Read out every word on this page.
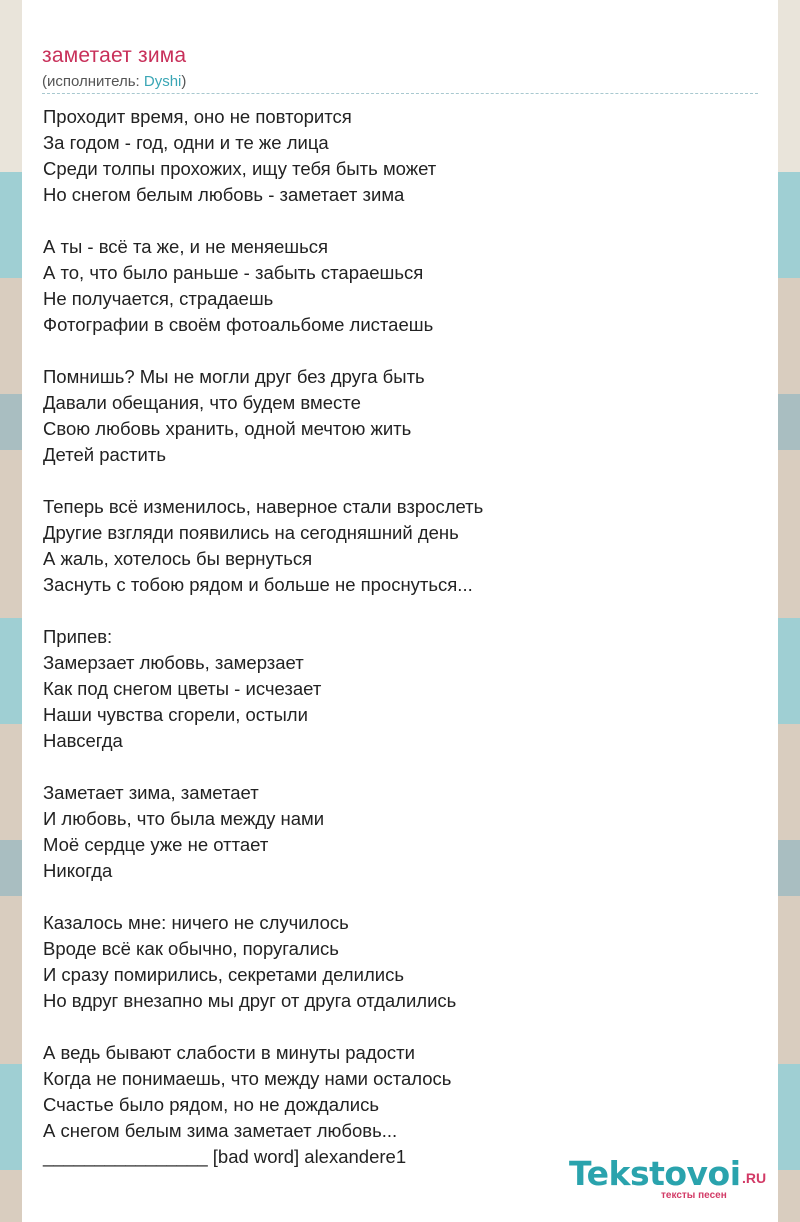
заметает зима
(исполнитель: Dyshi)
Проходит время, оно не повторится
За годом - год, одни и те же лица
Среди толпы прохожих, ищу тебя быть может
Но снегом белым любовь - заметает зима
А ты - всё та же, и не меняешься
А то, что было раньше - забыть стараешься
Не получается, страдаешь
Фотографии в своём фотоальбоме листаешь
Помнишь? Мы не могли друг без друга быть
Давали обещания, что будем вместе
Свою любовь хранить, одной мечтою жить
Детей растить
Теперь всё изменилось, наверное стали взрослеть
Другие взгляди появились на сегодняшний день
А жаль, хотелось бы вернуться
Заснуть с тобою рядом и больше не проснуться...
Припев:
Замерзает любовь, замерзает
Как под снегом цветы - исчезает
Наши чувства сгорели, остыли
Навсегда
Заметает зима, заметает
И любовь, что была между нами
Моё сердце уже не оттает
Никогда
Казалось мне: ничего не случилось
Вроде всё как обычно, поругались
И сразу помирились, секретами делились
Но вдруг внезапно мы друг от друга отдалились
А ведь бывают слабости в минуты радости
Когда не понимаешь, что между нами осталось
Счастье было рядом, но не дождались
А снегом белым зима заметает любовь...
________________ [bad word] alexandere1	Tekstovoi .RU
тексты песен
